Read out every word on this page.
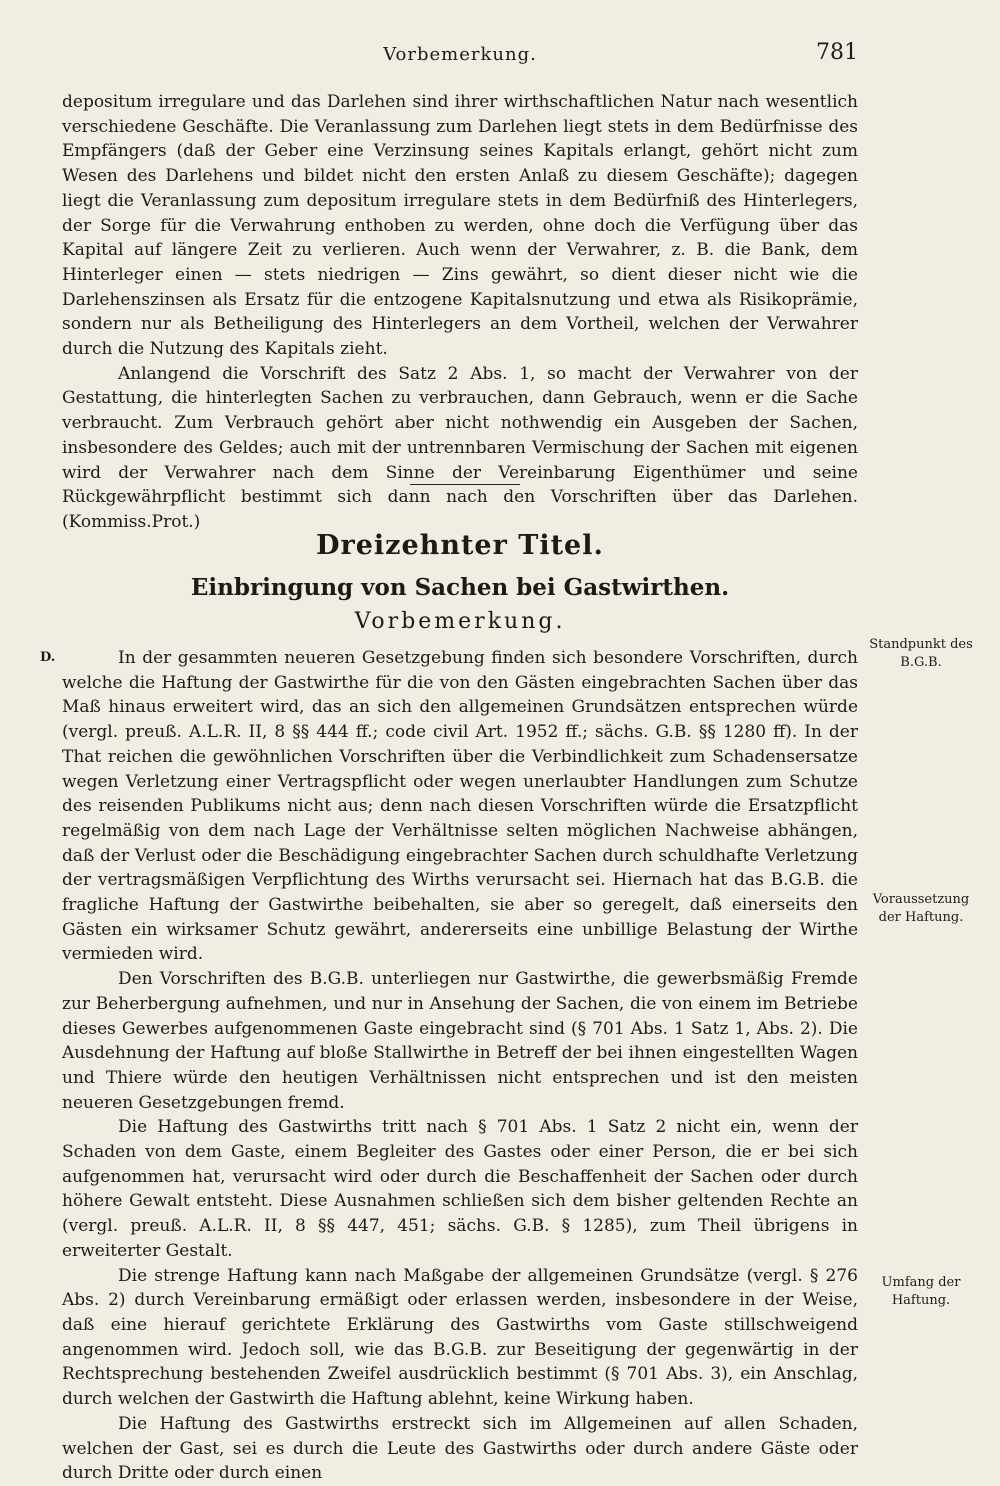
Vorbemerkung.	781

depositum irregulare und das Darlehen sind ihrer wirthschaftlichen Natur nach wesentlich verschiedene Geschäfte. Die Veranlassung zum Darlehen liegt stets in dem Bedürfnisse des Empfängers (daß der Geber eine Verzinsung seines Kapitals erlangt, gehört nicht zum Wesen des Darlehens und bildet nicht den ersten Anlaß zu diesem Geschäfte); dagegen liegt die Veranlassung zum depositum irregulare stets in dem Bedürfniß des Hinterlegers, der Sorge für die Verwahrung enthoben zu werden, ohne doch die Verfügung über das Kapital auf längere Zeit zu verlieren. Auch wenn der Verwahrer, z. B. die Bank, dem Hinterleger einen — stets niedrigen — Zins gewährt, so dient dieser nicht wie die Darlehenszinsen als Ersatz für die entzogene Kapitalsnutzung und etwa als Risikoprämie, sondern nur als Betheiligung des Hinterlegers an dem Vortheil, welchen der Verwahrer durch die Nutzung des Kapitals zieht.

Anlangend die Vorschrift des Satz 2 Abs. 1, so macht der Verwahrer von der Gestattung, die hinterlegten Sachen zu verbrauchen, dann Gebrauch, wenn er die Sache verbraucht. Zum Verbrauch gehört aber nicht nothwendig ein Ausgeben der Sachen, insbesondere des Geldes; auch mit der untrennbaren Vermischung der Sachen mit eigenen wird der Verwahrer nach dem Sinne der Vereinbarung Eigenthümer und seine Rückgewährpflicht bestimmt sich dann nach den Vorschriften über das Darlehen. (Kommiss.Prot.)

Dreizehnter Titel.
Einbringung von Sachen bei Gastwirthen.
Vorbemerkung.
D.	In der gesammten neueren Gesetzgebung finden sich besondere Vorschriften, durch welche die Haftung der Gastwirthe für die von den Gästen eingebrachten Sachen über das Maß hinaus erweitert wird, das an sich den allgemeinen Grundsätzen entsprechen würde (vergl. preuß. A.L.R. II, 8 §§ 444 ff.; code civil Art. 1952 ff.; sächs. G.B. §§ 1280 ff). In der That reichen die gewöhnlichen Vorschriften über die Verbindlichkeit zum Schadensersatze wegen Verletzung einer Vertragspflicht oder wegen unerlaubter Handlungen zum Schutze des reisenden Publikums nicht aus; denn nach diesen Vorschriften würde die Ersatzpflicht regelmäßig von dem nach Lage der Verhältnisse selten möglichen Nachweise abhängen, daß der Verlust oder die Beschädigung eingebrachter Sachen durch schuldhafte Verletzung der vertragsmäßigen Verpflichtung des Wirths verursacht sei. Hiernach hat das B.G.B. die fragliche Haftung der Gastwirthe beibehalten, sie aber so geregelt, daß einerseits den Gästen ein wirksamer Schutz gewährt, andererseits eine unbillige Belastung der Wirthe vermieden wird.

Den Vorschriften des B.G.B. unterliegen nur Gastwirthe, die gewerbsmäßig Fremde zur Beherbergung aufnehmen, und nur in Ansehung der Sachen, die von einem im Betriebe dieses Gewerbes aufgenommenen Gaste eingebracht sind (§ 701 Abs. 1 Satz 1, Abs. 2). Die Ausdehnung der Haftung auf bloße Stallwirthe in Betreff der bei ihnen eingestellten Wagen und Thiere würde den heutigen Verhältnissen nicht entsprechen und ist den meisten neueren Gesetzgebungen fremd.

Die Haftung des Gastwirths tritt nach § 701 Abs. 1 Satz 2 nicht ein, wenn der Schaden von dem Gaste, einem Begleiter des Gastes oder einer Person, die er bei sich aufgenommen hat, verursacht wird oder durch die Beschaffenheit der Sachen oder durch höhere Gewalt entsteht. Diese Ausnahmen schließen sich dem bisher geltenden Rechte an (vergl. preuß. A.L.R. II, 8 §§ 447, 451; sächs. G.B. § 1285), zum Theil übrigens in erweiterter Gestalt.

Die strenge Haftung kann nach Maßgabe der allgemeinen Grundsätze (vergl. § 276 Abs. 2) durch Vereinbarung ermäßigt oder erlassen werden, insbesondere in der Weise, daß eine hierauf gerichtete Erklärung des Gastwirths vom Gaste stillschweigend angenommen wird. Jedoch soll, wie das B.G.B. zur Beseitigung der gegenwärtig in der Rechtsprechung bestehenden Zweifel ausdrücklich bestimmt (§ 701 Abs. 3), ein Anschlag, durch welchen der Gastwirth die Haftung ablehnt, keine Wirkung haben.

Die Haftung des Gastwirths erstreckt sich im Allgemeinen auf allen Schaden, welchen der Gast, sei es durch die Leute des Gastwirths oder durch andere Gäste oder durch Dritte oder durch einen

Standpunkt des B.G.B.
Voraussetzung der Haftung.
Umfang der Haftung.
